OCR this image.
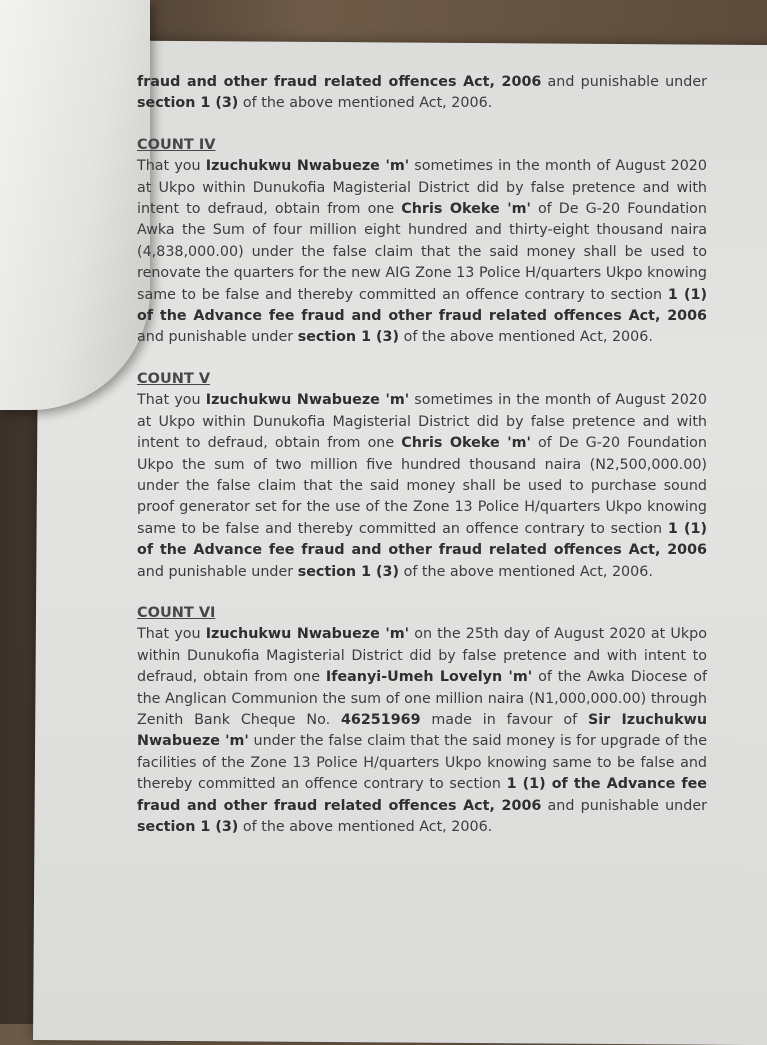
fraud and other fraud related offences Act, 2006 and punishable under section 1 (3) of the above mentioned Act, 2006.

COUNT IV

That you Izuchukwu Nwabueze 'm' sometimes in the month of August 2020 at Ukpo within Dunukofia Magisterial District did by false pretence and with intent to defraud, obtain from one Chris Okeke 'm' of De G-20 Foundation Awka the Sum of four million eight hundred and thirty-eight thousand naira (4,838,000.00) under the false claim that the said money shall be used to renovate the quarters for the new AIG Zone 13 Police H/quarters Ukpo knowing same to be false and thereby committed an offence contrary to section 1 (1) of the Advance fee fraud and other fraud related offences Act, 2006 and punishable under section 1 (3) of the above mentioned Act, 2006.

COUNT V

That you Izuchukwu Nwabueze 'm' sometimes in the month of August 2020 at Ukpo within Dunukofia Magisterial District did by false pretence and with intent to defraud, obtain from one Chris Okeke 'm' of De G-20 Foundation Ukpo the sum of two million five hundred thousand naira (N2,500,000.00) under the false claim that the said money shall be used to purchase sound proof generator set for the use of the Zone 13 Police H/quarters Ukpo knowing same to be false and thereby committed an offence contrary to section 1 (1) of the Advance fee fraud and other fraud related offences Act, 2006 and punishable under section 1 (3) of the above mentioned Act, 2006.

COUNT VI

That you Izuchukwu Nwabueze 'm' on the 25th day of August 2020 at Ukpo within Dunukofia Magisterial District did by false pretence and with intent to defraud, obtain from one Ifeanyi-Umeh Lovelyn 'm' of the Awka Diocese of the Anglican Communion the sum of one million naira (N1,000,000.00) through Zenith Bank Cheque No. 46251969 made in favour of Sir Izuchukwu Nwabueze 'm' under the false claim that the said money is for upgrade of the facilities of the Zone 13 Police H/quarters Ukpo knowing same to be false and thereby committed an offence contrary to section 1 (1) of the Advance fee fraud and other fraud related offences Act, 2006 and punishable under section 1 (3) of the above mentioned Act, 2006.
